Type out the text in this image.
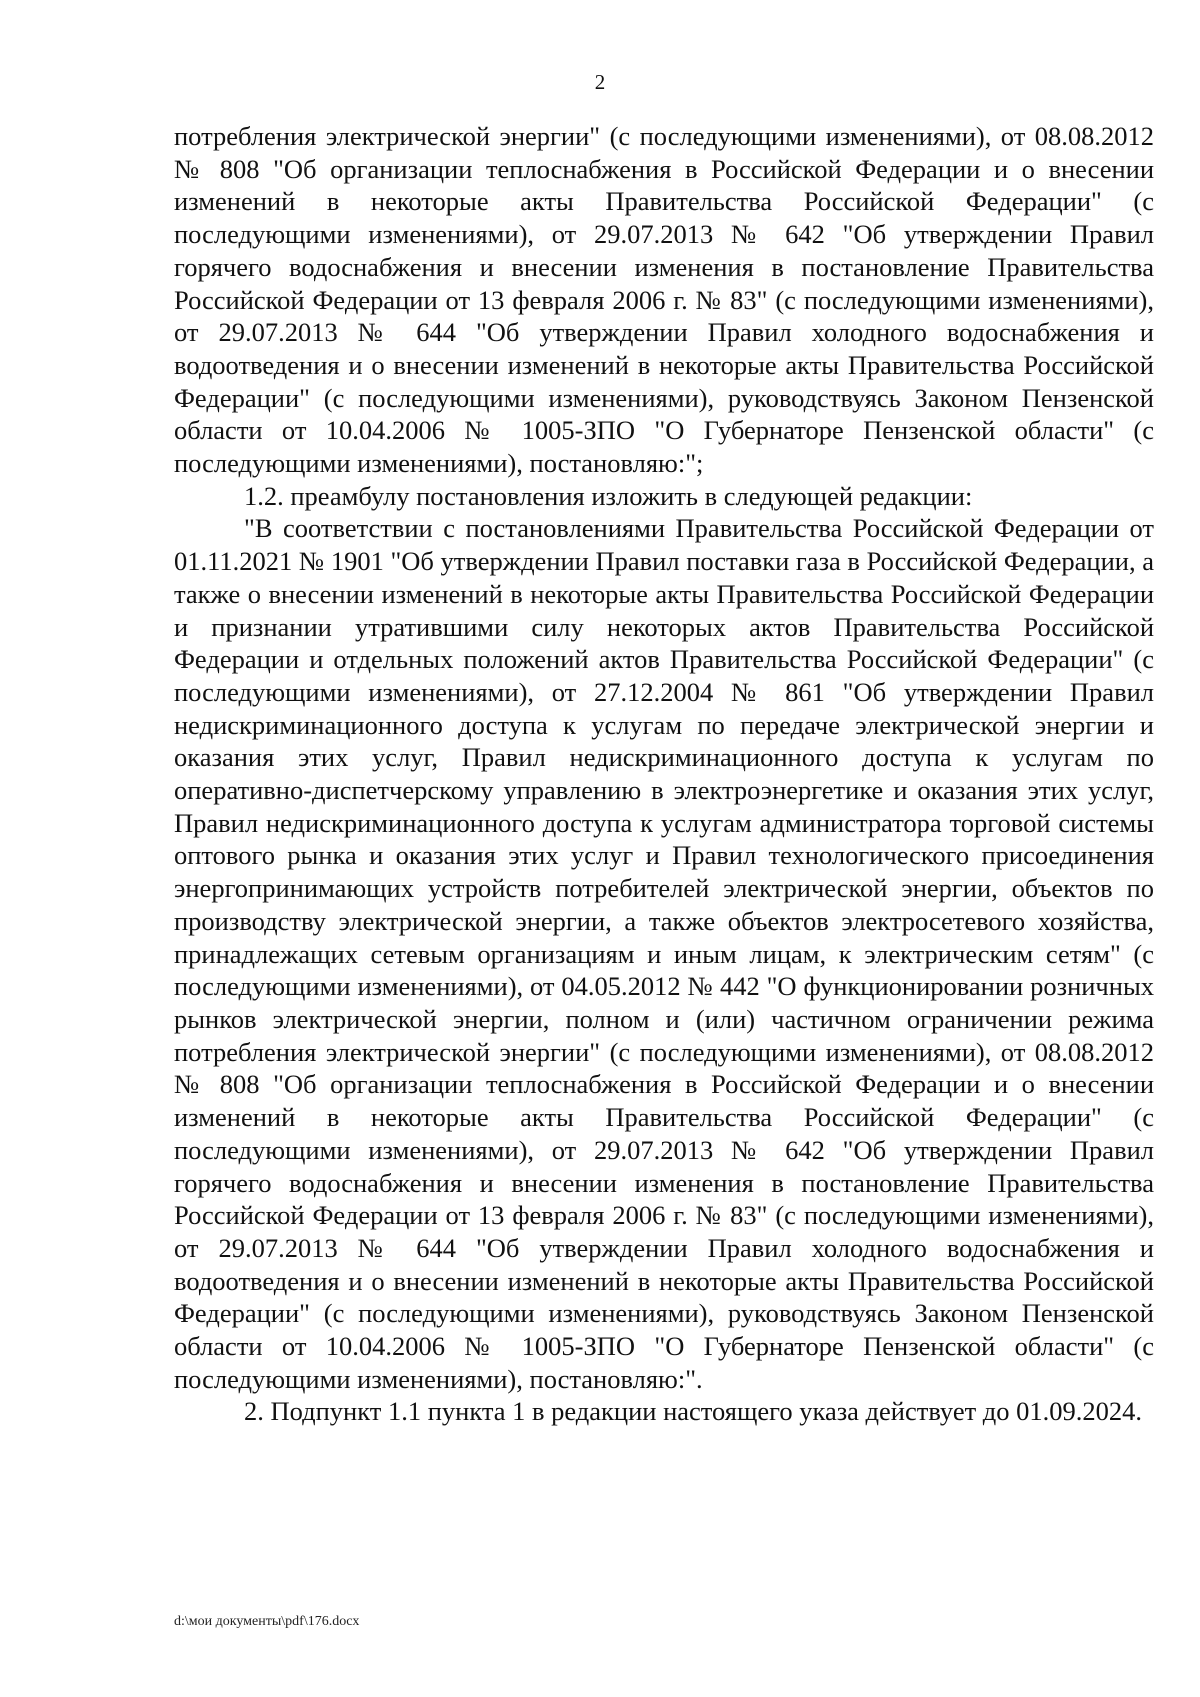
2

потребления электрической энергии" (с последующими изменениями), от 08.08.2012 № 808 "Об организации теплоснабжения в Российской Федерации и о внесении изменений в некоторые акты Правительства Российской Федерации" (с последующими изменениями), от 29.07.2013 № 642 "Об утверждении Правил горячего водоснабжения и внесении изменения в постановление Правительства Российской Федерации от 13 февраля 2006 г. № 83" (с последующими изменениями), от 29.07.2013 № 644 "Об утверждении Правил холодного водоснабжения и водоотведения и о внесении изменений в некоторые акты Правительства Российской Федерации" (с последующими изменениями), руководствуясь Законом Пензенской области от 10.04.2006 № 1005-ЗПО "О Губернаторе Пензенской области" (с последующими изменениями), постановляю:";

1.2. преамбулу постановления изложить в следующей редакции:

"В соответствии с постановлениями Правительства Российской Федерации от 01.11.2021 № 1901 "Об утверждении Правил поставки газа в Российской Федерации, а также о внесении изменений в некоторые акты Правительства Российской Федерации и признании утратившими силу некоторых актов Правительства Российской Федерации и отдельных положений актов Правительства Российской Федерации" (с последующими изменениями), от 27.12.2004 № 861 "Об утверждении Правил недискриминационного доступа к услугам по передаче электрической энергии и оказания этих услуг, Правил недискриминационного доступа к услугам по оперативно-диспетчерскому управлению в электроэнергетике и оказания этих услуг, Правил недискриминационного доступа к услугам администратора торговой системы оптового рынка и оказания этих услуг и Правил технологического присоединения энергопринимающих устройств потребителей электрической энергии, объектов по производству электрической энергии, а также объектов электросетевого хозяйства, принадлежащих сетевым организациям и иным лицам, к электрическим сетям" (с последующими изменениями), от 04.05.2012 № 442 "О функционировании розничных рынков электрической энергии, полном и (или) частичном ограничении режима потребления электрической энергии" (с последующими изменениями), от 08.08.2012 № 808 "Об организации теплоснабжения в Российской Федерации и о внесении изменений в некоторые акты Правительства Российской Федерации" (с последующими изменениями), от 29.07.2013 № 642 "Об утверждении Правил горячего водоснабжения и внесении изменения в постановление Правительства Российской Федерации от 13 февраля 2006 г. № 83" (с последующими изменениями), от 29.07.2013 № 644 "Об утверждении Правил холодного водоснабжения и водоотведения и о внесении изменений в некоторые акты Правительства Российской Федерации" (с последующими изменениями), руководствуясь Законом Пензенской области от 10.04.2006 № 1005-ЗПО "О Губернаторе Пензенской области" (с последующими изменениями), постановляю:".

2. Подпункт 1.1 пункта 1 в редакции настоящего указа действует до 01.09.2024.

d:\мои документы\pdf\176.docx
